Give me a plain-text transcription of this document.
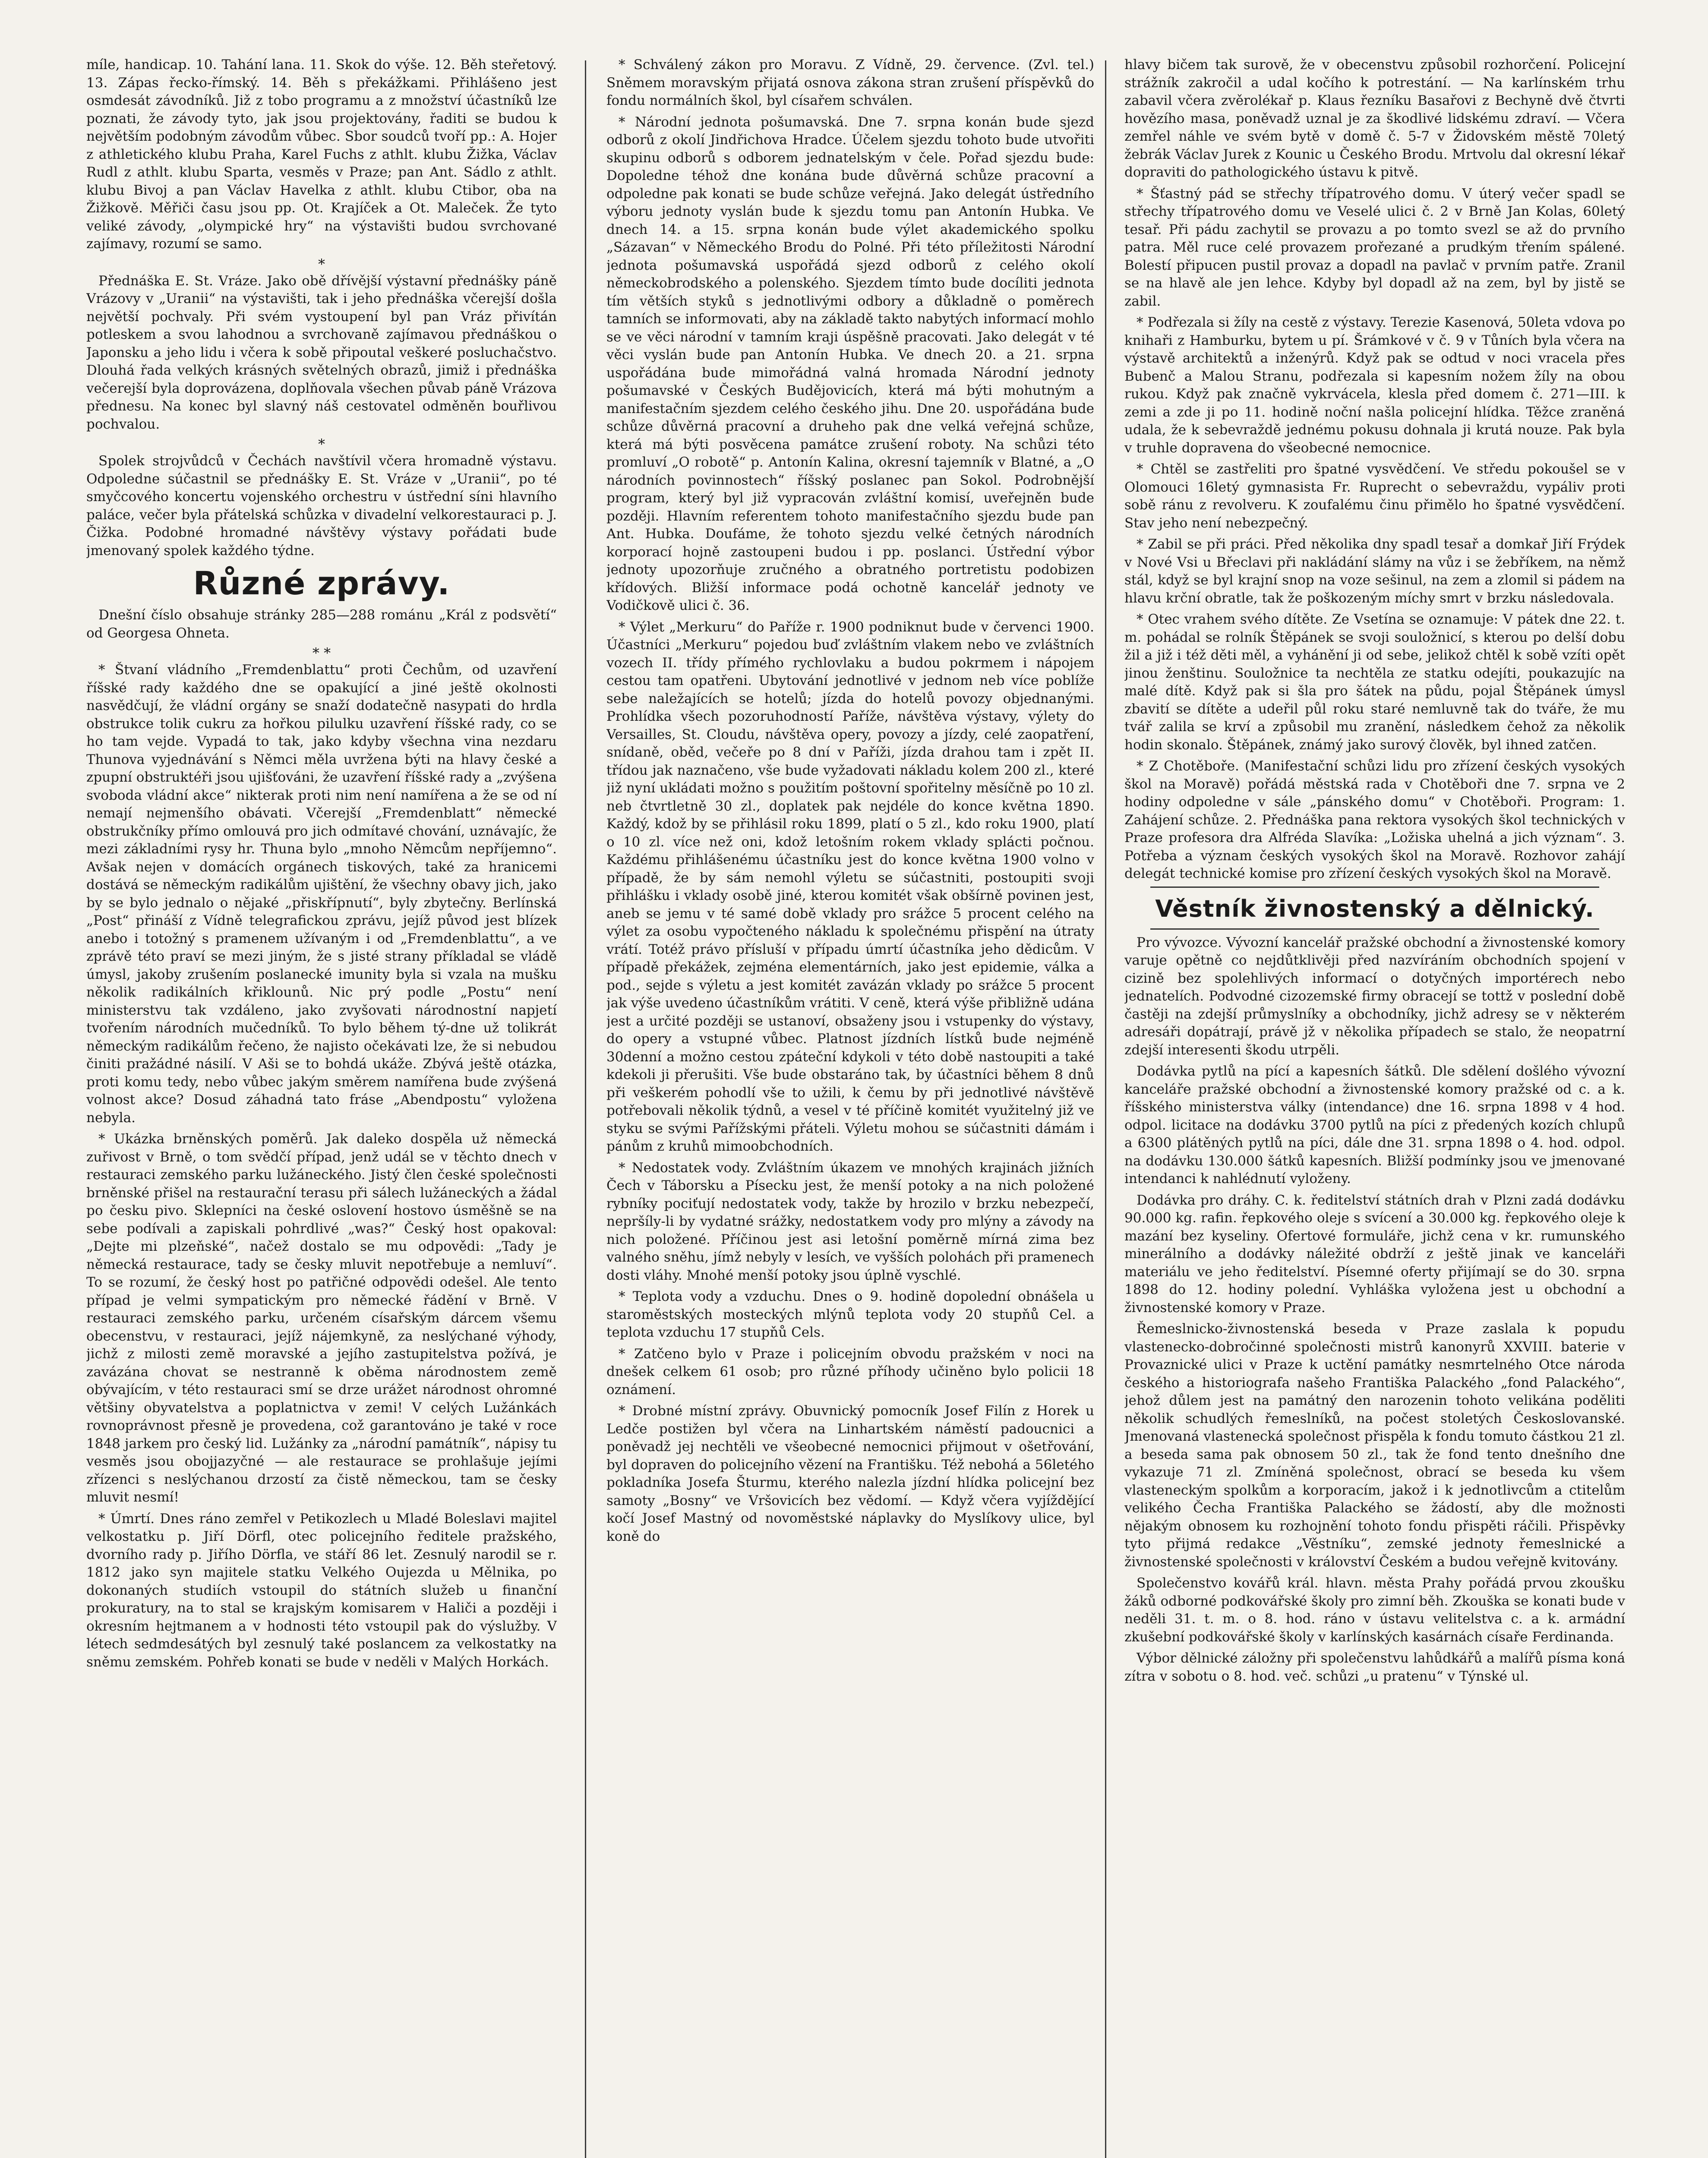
míle, handicap. 10. Tahání lana. 11. Skok do výše. 12. Běh steřetový. 13. Zápas řecko-římský. 14. Běh s překážkami. Přihlášeno jest osmdesát závodníků. Již z tobo programu a z množství účastníků lze poznati, že závody tyto, jak jsou projektovány, řaditi se budou k největším podobným závodům vůbec. Sbor soudců tvoří pp.: A. Hojer z athletického klubu Praha, Karel Fuchs z athlt. klubu Žižka, Václav Rudl z athlt. klubu Sparta, vesměs v Praze; pan Ant. Sádlo z athlt. klubu Bivoj a pan Václav Havelka z athlt. klubu Ctibor, oba na Žižkově. Měřiči času jsou pp. Ot. Krajíček a Ot. Maleček. Že tyto veliké závody, „olympické hry“ na výstavišti budou svrchované zajímavy, rozumí se samo.

*

Přednáška E. St. Vráze. Jako obě dřívější výstavní přednášky páně Vrázovy v „Uranii“ na výstavišti, tak i jeho přednáška včerejší došla největší pochvaly. Při svém vystoupení byl pan Vráz přivítán potleskem a svou lahodnou a svrchovaně zajímavou přednáškou o Japonsku a jeho lidu i včera k sobě připoutal veškeré posluchačstvo. Dlouhá řada velkých krásných světelných obrazů, jimiž i přednáška večerejší byla doprovázena, doplňovala všechen půvab páně Vrázova přednesu. Na konec byl slavný náš cestovatel odměněn bouřlivou pochvalou.

*

Spolek strojvůdců v Čechách navštívil včera hromadně výstavu. Odpoledne súčastnil se přednášky E. St. Vráze v „Uranii“, po té smyčcového koncertu vojenského orchestru v ústřední síni hlavního paláce, večer byla přátelská schůzka v divadelní velkorestauraci p. J. Čižka. Podobné hromadné návštěvy výstavy pořádati bude jmenovaný spolek každého týdne.

Různé zprávy.

Dnešní číslo obsahuje stránky 285—288 románu „Král z podsvětí“ od Georgesa Ohneta.

* *

* Štvaní vládního „Fremdenblattu“ proti Čechům, od uzavření říšské rady každého dne se opakující a jiné ještě okolnosti nasvědčují, že vládní orgány se snaží dodatečně nasypati do hrdla obstrukce tolik cukru za hořkou pilulku uzavření říšské rady, co se ho tam vejde. Vypadá to tak, jako kdyby všechna vina nezdaru Thunova vyjednávání s Němci měla uvržena býti na hlavy české a zpupní obstruktéři jsou ujišťováni, že uzavření říšské rady a „zvýšena svoboda vládní akce“ nikterak proti nim není namířena a že se od ní nemají nejmenšího obávati. Včerejší „Fremdenblatt“ německé obstrukčníky přímo omlouvá pro jich odmítavé chování, uznávajíc, že mezi základními rysy hr. Thuna bylo „mnoho Němcům nepříjemno“. Avšak nejen v domácích orgánech tiskových, také za hranicemi dostává se německým radikálům ujištění, že všechny obavy jich, jako by se bylo jednalo o nějaké „přiskřípnutí“, byly zbytečny. Berlínská „Post“ přináší z Vídně telegrafickou zprávu, jejíž původ jest blízek anebo i totožný s pramenem užívaným i od „Fremdenblattu“, a ve zprávě této praví se mezi jiným, že s jisté strany příkladal se vládě úmysl, jakoby zrušením poslanecké imunity byla si vzala na mušku několik radikálních křiklounů. Nic prý podle „Postu“ není ministerstvu tak vzdáleno, jako zvyšovati národnostní napjetí tvořením národních mučedníků. To bylo během tý-dne už tolikrát německým radikálům řečeno, že najisto očekávati lze, že si nebudou činiti pražádné násilí. V Aši se to bohdá ukáže. Zbývá ještě otázka, proti komu tedy, nebo vůbec jakým směrem namířena bude zvýšená volnost akce? Dosud záhadná tato fráse „Abendpostu“ vyložena nebyla.

* Ukázka brněnských poměrů. Jak daleko dospěla už německá zuřivost v Brně, o tom svědčí případ, jenž udál se v těchto dnech v restauraci zemského parku lužáneckého. Jistý člen české společnosti brněnské přišel na restaurační terasu při sálech lužáneckých a žádal po česku pivo. Sklepníci na české oslovení hostovo úsměšně se na sebe podívali a zapiskali pohrdlivé „was?“ Český host opakoval: „Dejte mi plzeňské“, načež dostalo se mu odpovědi: „Tady je německá restaurace, tady se česky mluvit nepotřebuje a nemluví“. To se rozumí, že český host po patřičné odpovědi odešel. Ale tento případ je velmi sympatickým pro německé řádění v Brně. V restauraci zemského parku, určeném císařským dárcem všemu obecenstvu, v restauraci, jejíž nájemkyně, za neslýchané výhody, jichž z milosti země moravské a jejího zastupitelstva požívá, je zavázána chovat se nestranně k oběma národnostem země obývajícím, v této restauraci smí se drze urážet národnost ohromné většiny obyvatelstva a poplatnictva v zemi! V celých Lužánkách rovnoprávnost přesně je provedena, což garantováno je také v roce 1848 jarkem pro český lid. Lužánky za „národní památník“, nápisy tu vesměs jsou obojjazyčné — ale restaurace se prohlašuje jejími zřízenci s neslýchanou drzostí za čistě německou, tam se česky mluvit nesmí!

* Úmrtí. Dnes ráno zemřel v Petikozlech u Mladé Boleslavi majitel velkostatku p. Jiří Dörfl, otec policejního ředitele pražského, dvorního rady p. Jiřího Dörfla, ve stáří 86 let. Zesnulý narodil se r. 1812 jako syn majitele statku Velkého Oujezda u Mělnika, po dokonaných studiích vstoupil do státních služeb u finanční prokuratury, na to stal se krajským komisarem v Haliči a později i okresním hejtmanem a v hodnosti této vstoupil pak do výslužby. V létech sedmdesátých byl zesnulý také poslancem za velkostatky na sněmu zemském. Pohřeb konati se bude v neděli v Malých Horkách.

* Schválený zákon pro Moravu. Z Vídně, 29. července. (Zvl. tel.) Sněmem moravským přijatá osnova zákona stran zrušení příspěvků do fondu normálních škol, byl císařem schválen.

* Národní jednota pošumavská. Dne 7. srpna konán bude sjezd odborů z okolí Jindřichova Hradce. Účelem sjezdu tohoto bude utvořiti skupinu odborů s odborem jednatelským v čele. Pořad sjezdu bude: Dopoledne téhož dne konána bude důvěrná schůze pracovní a odpoledne pak konati se bude schůze veřejná. Jako delegát ústředního výboru jednoty vyslán bude k sjezdu tomu pan Antonín Hubka. Ve dnech 14. a 15. srpna konán bude výlet akademického spolku „Sázavan“ v Německého Brodu do Polné. Při této příležitosti Národní jednota pošumavská uspořádá sjezd odborů z celého okolí německobrodského a polenského. Sjezdem tímto bude docíliti jednota tím větších styků s jednotlivými odbory a důkladně o poměrech tamních se informovati, aby na základě takto nabytých informací mohlo se ve věci národní v tamním kraji úspěšně pracovati. Jako delegát v té věci vyslán bude pan Antonín Hubka. Ve dnech 20. a 21. srpna uspořádána bude mimořádná valná hromada Národní jednoty pošumavské v Českých Budějovicích, která má býti mohutným a manifestačním sjezdem celého českého jihu. Dne 20. uspořádána bude schůze důvěrná pracovní a druheho pak dne velká veřejná schůze, která má býti posvěcena památce zrušení roboty. Na schůzi této promluví „O robotě“ p. Antonín Kalina, okresní tajemník v Blatné, a „O národních povinnostech“ říšský poslanec pan Sokol. Podrobnější program, který byl již vypracován zvláštní komisí, uveřejněn bude později. Hlavním referentem tohoto manifestačního sjezdu bude pan Ant. Hubka. Doufáme, že tohoto sjezdu velké četných národních korporací hojně zastoupeni budou i pp. poslanci. Ústřední výbor jednoty upozorňuje zručného a obratného portretistu podobizen křídových. Bližší informace podá ochotně kancelář jednoty ve Vodičkově ulici č. 36.

* Výlet „Merkuru“ do Paříže r. 1900 podniknut bude v červenci 1900. Účastníci „Merkuru“ pojedou buď zvláštním vlakem nebo ve zvláštních vozech II. třídy přímého rychlovlaku a budou pokrmem i nápojem cestou tam opatřeni. Ubytování jednotlivé v jednom neb více poblíže sebe naležajících se hotelů; jízda do hotelů povozy objednanými. Prohlídka všech pozoruhodností Paříže, návštěva výstavy, výlety do Versailles, St. Cloudu, návštěva opery, povozy a jízdy, celé zaopatření, snídaně, oběd, večeře po 8 dní v Paříži, jízda drahou tam i zpět II. třídou jak naznačeno, vše bude vyžadovati nákladu kolem 200 zl., které již nyní ukládati možno s použitím poštovní spořitelny měsíčně po 10 zl. neb čtvrtletně 30 zl., doplatek pak nejdéle do konce května 1890. Každý, kdož by se přihlásil roku 1899, platí o 5 zl., kdo roku 1900, platí o 10 zl. více než oni, kdož letošním rokem vklady splácti počnou. Každému přihlášenému účastníku jest do konce května 1900 volno v případě, že by sám nemohl výletu se súčastniti, postoupiti svoji přihlášku i vklady osobě jiné, kterou komitét však obšírně povinen jest, aneb se jemu v té samé době vklady pro srážce 5 procent celého na výlet za osobu vypočteného nákladu k společnému přispění na útraty vrátí. Totéž právo přísluší v případu úmrtí účastníka jeho dědicům. V případě překážek, zejména elementárních, jako jest epidemie, válka a pod., sejde s výletu a jest komitét zavázán vklady po srážce 5 procent jak výše uvedeno účastníkům vrátiti. V ceně, která výše přibližně udána jest a určité později se ustanoví, obsaženy jsou i vstupenky do výstavy, do opery a vstupné vůbec. Platnost jízdních lístků bude nejméně 30denní a možno cestou zpáteční kdykoli v této době nastoupiti a také kdekoli ji přerušiti. Vše bude obstaráno tak, by účastníci během 8 dnů při veškerém pohodlí vše to užili, k čemu by při jednotlivé návštěvě potřebovali několik týdnů, a vesel v té příčině komitét využitelný již ve styku se svými Pařížskými přáteli. Výletu mohou se súčastniti dámám i pánům z kruhů mimoobchodních.

* Nedostatek vody. Zvláštním úkazem ve mnohých krajinách jižních Čech v Táborsku a Písecku jest, že menší potoky a na nich položené rybníky pociťují nedostatek vody, takže by hrozilo v brzku nebezpečí, nepršíly-li by vydatné srážky, nedostatkem vody pro mlýny a závody na nich položené. Příčinou jest asi letošní poměrně mírná zima bez valného sněhu, jímž nebyly v lesích, ve vyšších polohách při pramenech dosti vláhy. Mnohé menší potoky jsou úplně vyschlé.

* Teplota vody a vzduchu. Dnes o 9. hodině dopolední obnášela u staroměstských mosteckých mlýnů teplota vody 20 stupňů Cel. a teplota vzduchu 17 stupňů Cels.

* Zatčeno bylo v Praze i policejním obvodu pražském v noci na dnešek celkem 61 osob; pro různé příhody učiněno bylo policii 18 oznámení.

* Drobné místní zprávy. Obuvnický pomocník Josef Filín z Horek u Ledče postižen byl včera na Linhartském náměstí padoucnici a poněvadž jej nechtěli ve všeobecné nemocnici přijmout v ošetřování, byl dopraven do policejního vězení na Františku. Též nebohá a 56letého pokladníka Josefa Šturmu, kterého nalezla jízdní hlídka policejní bez samoty „Bosny“ ve Vršovicích bez vědomí. — Když včera vyjíždějící kočí Josef Mastný od novoměstské náplavky do Myslíkovy ulice, byl koně do

hlavy bičem tak surově, že v obecenstvu způsobil rozhorčení. Policejní strážník zakročil a udal kočího k potrestání. — Na karlínském trhu zabavil včera zvěrolékař p. Klaus řezníku Basařovi z Bechyně dvě čtvrti hovězího masa, poněvadž uznal je za škodlivé lidskému zdraví. — Včera zemřel náhle ve svém bytě v domě č. 5-7 v Židovském městě 70letý žebrák Václav Jurek z Kounic u Českého Brodu. Mrtvolu dal okresní lékař dopraviti do pathologického ústavu k pitvě.

* Šťastný pád se střechy třípatrového domu. V úterý večer spadl se střechy třípatrového domu ve Veselé ulici č. 2 v Brně Jan Kolas, 60letý tesař. Při pádu zachytil se provazu a po tomto svezl se až do prvního patra. Měl ruce celé provazem prořezané a prudkým třením spálené. Bolestí připucen pustil provaz a dopadl na pavlač v prvním patře. Zranil se na hlavě ale jen lehce. Kdyby byl dopadl až na zem, byl by jistě se zabil.

* Podřezala si žíly na cestě z výstavy. Terezie Kasenová, 50leta vdova po knihaři z Hamburku, bytem u pí. Šrámkové v č. 9 v Tůních byla včera na výstavě architektů a inženýrů. Když pak se odtud v noci vracela přes Bubenč a Malou Stranu, podřezala si kapesním nožem žíly na obou rukou. Když pak značně vykrvácela, klesla před domem č. 271—III. k zemi a zde ji po 11. hodině noční našla policejní hlídka. Těžce zraněná udala, že k sebevraždě jednému pokusu dohnala ji krutá nouze. Pak byla v truhle dopravena do všeobecné nemocnice.

* Chtěl se zastřeliti pro špatné vysvědčení. Ve středu pokoušel se v Olomouci 16letý gymnasista Fr. Ruprecht o sebevraždu, vypáliv proti sobě ránu z revolveru. K zoufalému činu přimělo ho špatné vysvědčení. Stav jeho není nebezpečný.

* Zabil se při práci. Před několika dny spadl tesař a domkař Jiří Frýdek v Nové Vsi u Břeclavi při nakládání slámy na vůz i se žebříkem, na němž stál, když se byl krajní snop na voze sešinul, na zem a zlomil si pádem na hlavu krční obratle, tak že poškozeným míchy smrt v brzku následovala.

* Otec vrahem svého dítěte. Ze Vsetína se oznamuje: V pátek dne 22. t. m. pohádal se rolník Štěpánek se svoji souložnicí, s kterou po delší dobu žil a již i též děti měl, a vyhánění ji od sebe, jelikož chtěl k sobě vzíti opět jinou ženštinu. Souložnice ta nechtěla ze statku odejíti, poukazujíc na malé dítě. Když pak si šla pro šátek na půdu, pojal Štěpánek úmysl zbavití se dítěte a udeřil půl roku staré nemluvně tak do tváře, že mu tvář zalila se krví a způsobil mu zranění, následkem čehož za několik hodin skonalo. Štěpánek, známý jako surový člověk, byl ihned zatčen.

* Z Chotěboře. (Manifestační schůzi lidu pro zřízení českých vysokých škol na Moravě) pořádá městská rada v Chotěboři dne 7. srpna ve 2 hodiny odpoledne v sále „pánského domu“ v Chotěboři. Program: 1. Zahájení schůze. 2. Přednáška pana rektora vysokých škol technických v Praze profesora dra Alfréda Slavíka: „Ložiska uhelná a jich význam“. 3. Potřeba a význam českých vysokých škol na Moravě. Rozhovor zahájí delegát technické komise pro zřízení českých vysokých škol na Moravě.

Věstník živnostenský a dělnický.

Pro vývozce. Vývozní kancelář pražské obchodní a živnostenské komory varuje opětně co nejdůtklivěji před nazvíráním obchodních spojení v cizině bez spolehlivých informací o dotyčných importérech nebo jednatelích. Podvodné cizozemské firmy obracejí se tottž v poslední době častěji na zdejší průmyslníky a obchodníky, jichž adresy se v některém adresáři dopátrají, právě jž v několika případech se stalo, že neopatrní zdejší interesenti škodu utrpěli.

Dodávka pytlů na pící a kapesních šátků. Dle sdělení došlého vývozní kanceláře pražské obchodní a živnostenské komory pražské od c. a k. říšského ministerstva války (intendance) dne 16. srpna 1898 v 4 hod. odpol. licitace na dodávku 3700 pytlů na píci z předených kozích chlupů a 6300 plátěných pytlů na píci, dále dne 31. srpna 1898 o 4. hod. odpol. na dodávku 130.000 šátků kapesních. Bližší podmínky jsou ve jmenované intendanci k nahlédnutí vyloženy.

Dodávka pro dráhy. C. k. ředitelství státních drah v Plzni zadá dodávku 90.000 kg. rafin. řepkového oleje s svícení a 30.000 kg. řepkového oleje k mazání bez kyseliny. Ofertové formuláře, jichž cena v kr. rumunského minerálního a dodávky náležité obdrží z ještě jinak ve kanceláři materiálu ve jeho ředitelství. Písemné oferty přijímají se do 30. srpna 1898 do 12. hodiny polední. Vyhláška vyložena jest u obchodní a živnostenské komory v Praze.

Řemeslnicko-živnostenská beseda v Praze zaslala k popudu vlastenecko-dobročinné společnosti mistrů kanonyrů XXVIII. baterie v Provaznické ulici v Praze k uctění památky nesmrtelného Otce národa českého a historiografa našeho Františka Palackého „fond Palackého“, jehož důlem jest na památný den narozenin tohoto velikána poděliti několik schudlých řemeslníků, na počest stoletých Českoslovanské. Jmenovaná vlastenecká společnost přispěla k fondu tomuto částkou 21 zl. a beseda sama pak obnosem 50 zl., tak že fond tento dnešního dne vykazuje 71 zl. Zmíněná společnost, obrací se beseda ku všem vlasteneckým spolkům a korporacím, jakož i k jednotlivcům a ctitelům velikého Čecha Františka Palackého se žádostí, aby dle možnosti nějakým obnosem ku rozhojnění tohoto fondu přispěti ráčili. Přispěvky tyto přijmá redakce „Věstníku“, zemské jednoty řemeslnické a živnostenské společnosti v království Českém a budou veřejně kvitovány.

Společenstvo kovářů král. hlavn. města Prahy pořádá prvou zkoušku žáků odborné podkovářské školy pro zimní běh. Zkouška se konati bude v neděli 31. t. m. o 8. hod. ráno v ústavu velitelstva c. a k. armádní zkušební podkovářské školy v karlínských kasárnách císaře Ferdinanda.

Výbor dělnické záložny při společenstvu lahůdkářů a malířů písma koná zítra v sobotu o 8. hod. več. schůzi „u pratenu“ v Týnské ul.
